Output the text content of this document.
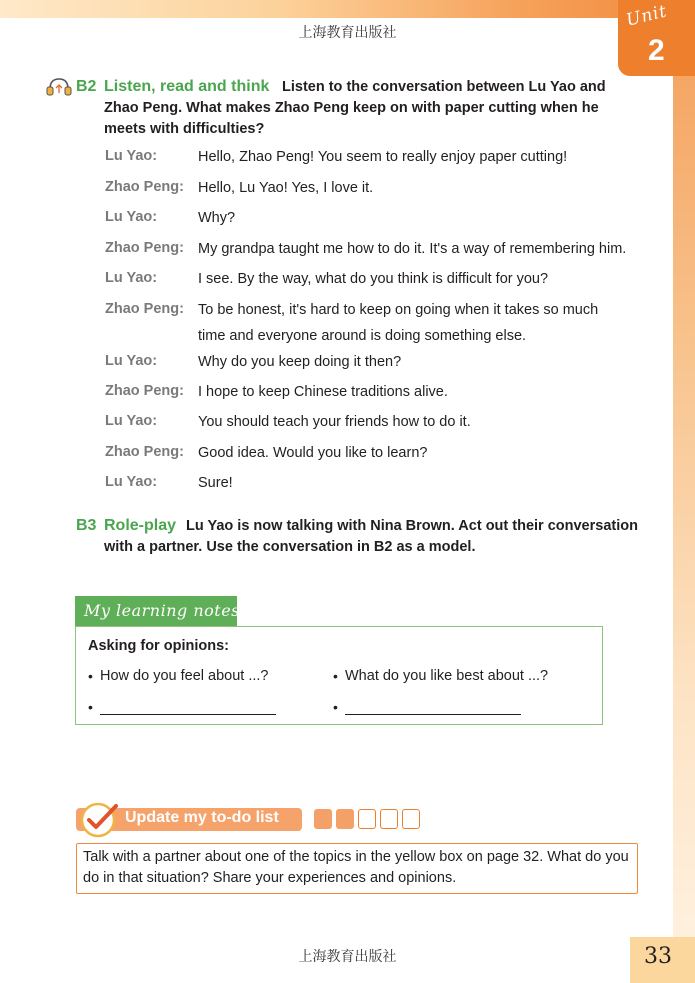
Unit
2
上海教育出版社
B2 Listen, read and think Listen to the conversation between Lu Yao and Zhao Peng. What makes Zhao Peng keep on with paper cutting when he meets with difficulties?
Lu Yao:	Hello, Zhao Peng! You seem to really enjoy paper cutting!
Zhao Peng: Hello, Lu Yao! Yes, I love it.
Lu Yao:	Why?
Zhao Peng: My grandpa taught me how to do it. It's a way of remembering him.
Lu Yao:	I see. By the way, what do you think is difficult for you?
Zhao Peng: To be honest, it's hard to keep on going when it takes so much time and everyone around is doing something else.
Lu Yao:	Why do you keep doing it then?
Zhao Peng: I hope to keep Chinese traditions alive.
Lu Yao:	You should teach your friends how to do it.
Zhao Peng: Good idea. Would you like to learn?
Lu Yao:	Sure!
B3 Role-play Lu Yao is now talking with Nina Brown. Act out their conversation with a partner. Use the conversation in B2 as a model.
My learning notes
Asking for opinions:
• How do you feel about ...?	• What do you like best about ...?
•	•
Update my to-do list
Talk with a partner about one of the topics in the yellow box on page 32. What do you do in that situation? Share your experiences and opinions.
上海教育出版社	33
